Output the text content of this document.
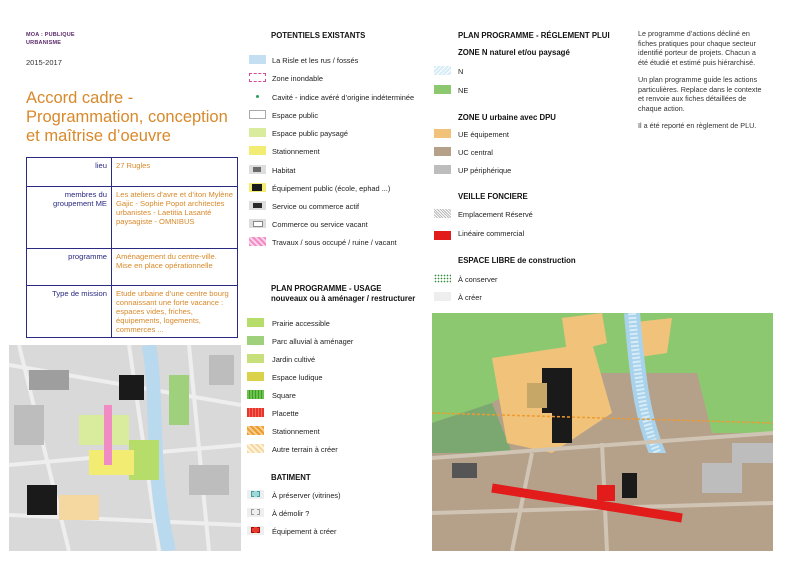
MOA : PUBLIQUE
URBANISME
2015-2017
Accord cadre -
Programmation, conception
et maîtrise d’oeuvre
lieu	27 Rugles
membres du groupement ME	Les ateliers d’avre et d’iton Mylène Gajic - Sophie Popot architectes urbanistes - Laetitia Lasanté paysagiste - OMNIBUS
programme	Aménagement du centre-ville. Mise en place opérationnelle
Type de mission	Etude urbaine d’une centre bourg connaissant une forte vacance : espaces vides, friches, équipements, logements, commerces ...
POTENTIELS EXISTANTS
La Risle et les rus / fossés
Zone inondable
Cavité - indice avéré d’origine indéterminée
Espace public
Espace public paysagé
Stationnement
Habitat
Équipement public (école, ephad ...)
Service ou commerce actif
Commerce ou service vacant
Travaux / sous occupé / ruine / vacant
PLAN PROGRAMME - USAGE
nouveaux ou à aménager / restructurer
Prairie accessible
Parc alluvial à aménager
Jardin cultivé
Espace ludique
Square
Placette
Stationnement
Autre terrain à créer
BATIMENT
À préserver (vitrines)
À démolir ?
Équipement à créer
PLAN PROGRAMME - RÉGLEMENT PLUI
ZONE N naturel et/ou paysagé
N
NE
ZONE U urbaine avec DPU
UE équipement
UC central
UP périphérique
VEILLE FONCIERE
Emplacement Réservé
Linéaire commercial
ESPACE LIBRE de construction
À conserver
À créer
Le programme d’actions décliné en fiches pratiques pour chaque secteur identifié porteur de projets. Chacun a été étudié et estimé puis hiérarchisé.
Un plan programme guide les actions particulières. Replace dans le contexte et renvoie aux fiches détaillées de chaque action.
Il a été reporté en règlement de PLU.
